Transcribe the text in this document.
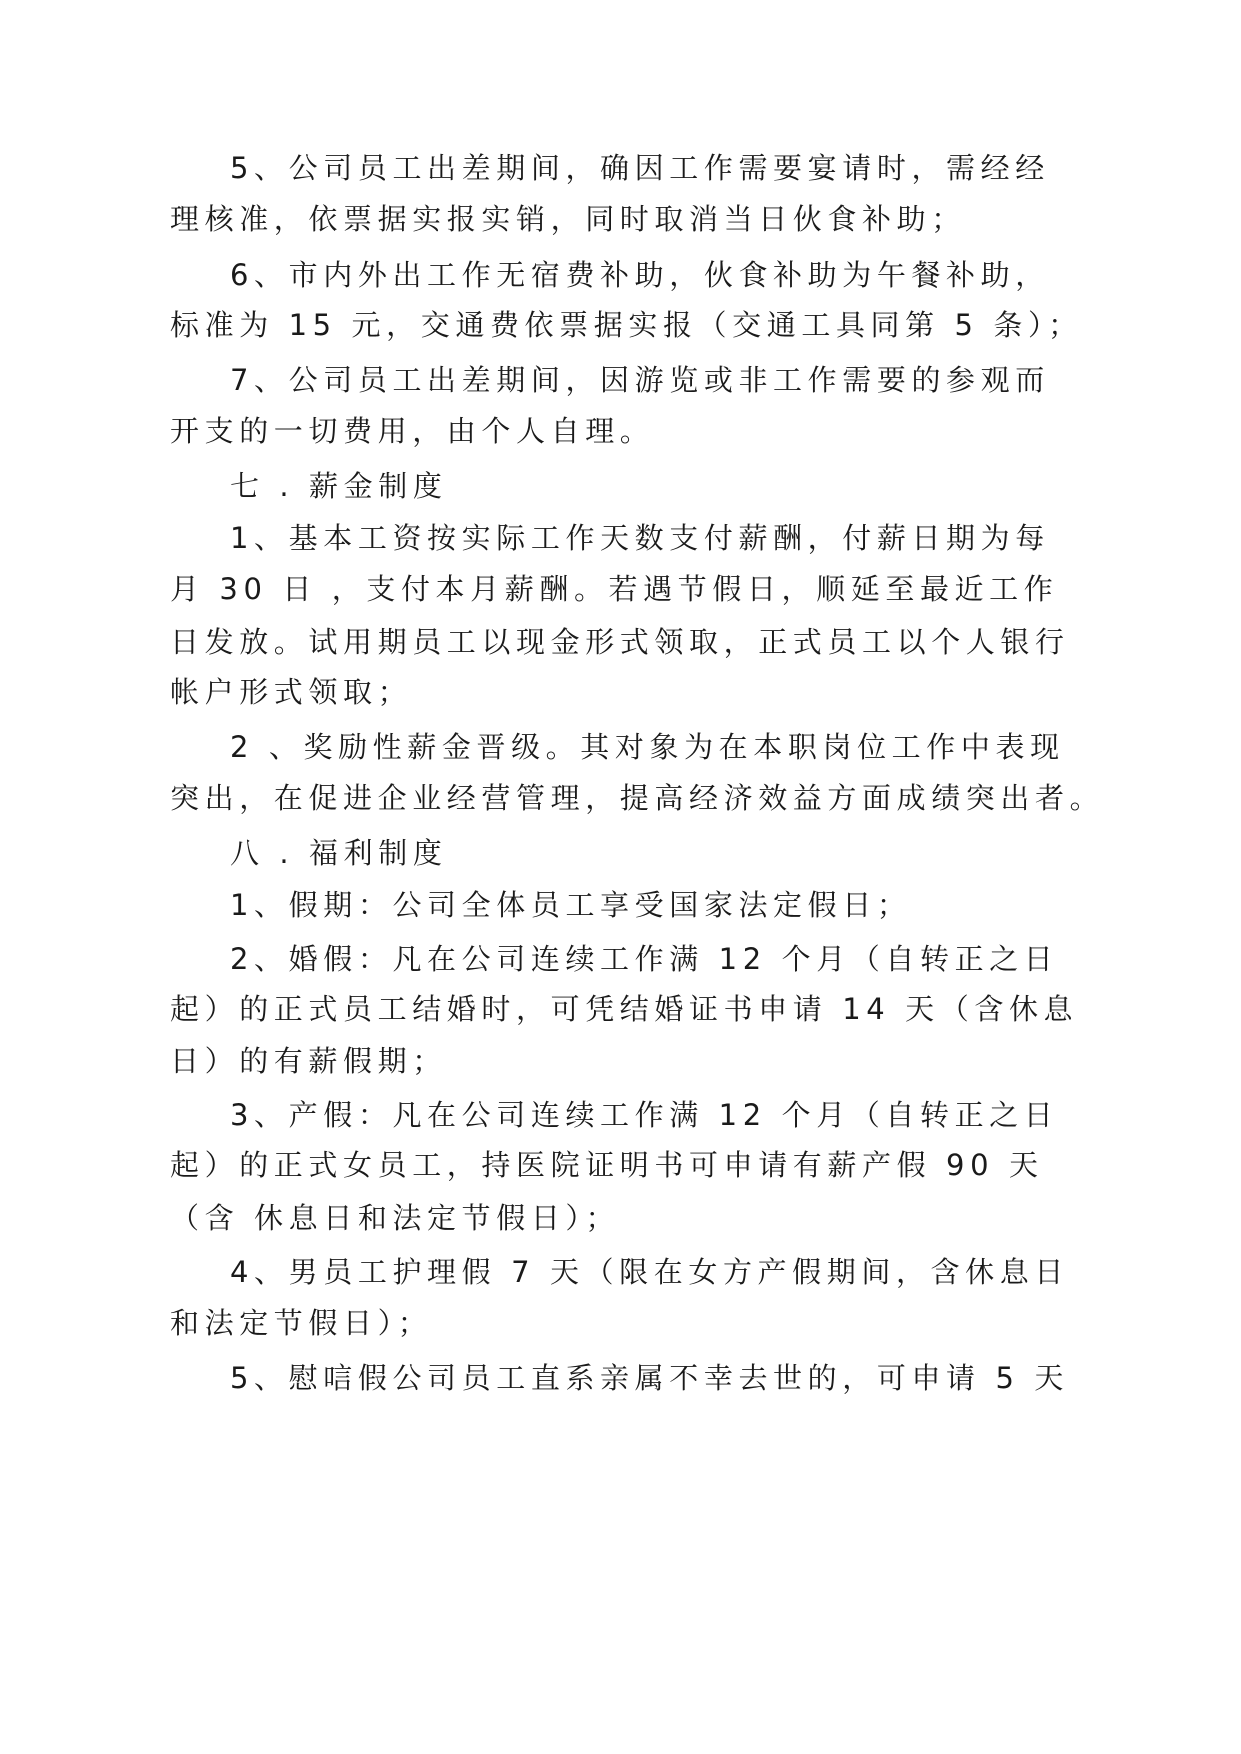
5、公司员工出差期间，确因工作需要宴请时，需经经
理核准，依票据实报实销，同时取消当日伙食补助；
6、市内外出工作无宿费补助，伙食补助为午餐补助，
标准为 15 元，交通费依票据实报（交通工具同第 5 条）；
7、公司员工出差期间，因游览或非工作需要的参观而
开支的一切费用，由个人自理。
七 . 薪金制度
1、基本工资按实际工作天数支付薪酬，付薪日期为每
月 30 日 ，支付本月薪酬。若遇节假日，顺延至最近工作
日发放。试用期员工以现金形式领取，正式员工以个人银行
帐户形式领取；
2 、奖励性薪金晋级。其对象为在本职岗位工作中表现
突出，在促进企业经营管理，提高经济效益方面成绩突出者。
八 . 福利制度
1、假期：公司全体员工享受国家法定假日；
2、婚假：凡在公司连续工作满 12 个月（自转正之日
起）的正式员工结婚时，可凭结婚证书申请 14 天（含休息
日）的有薪假期；
3、产假：凡在公司连续工作满 12 个月（自转正之日
起）的正式女员工，持医院证明书可申请有薪产假 90 天
（含 休息日和法定节假日）；
4、男员工护理假 7 天（限在女方产假期间，含休息日
和法定节假日）；
5、慰唁假公司员工直系亲属不幸去世的，可申请 5 天
